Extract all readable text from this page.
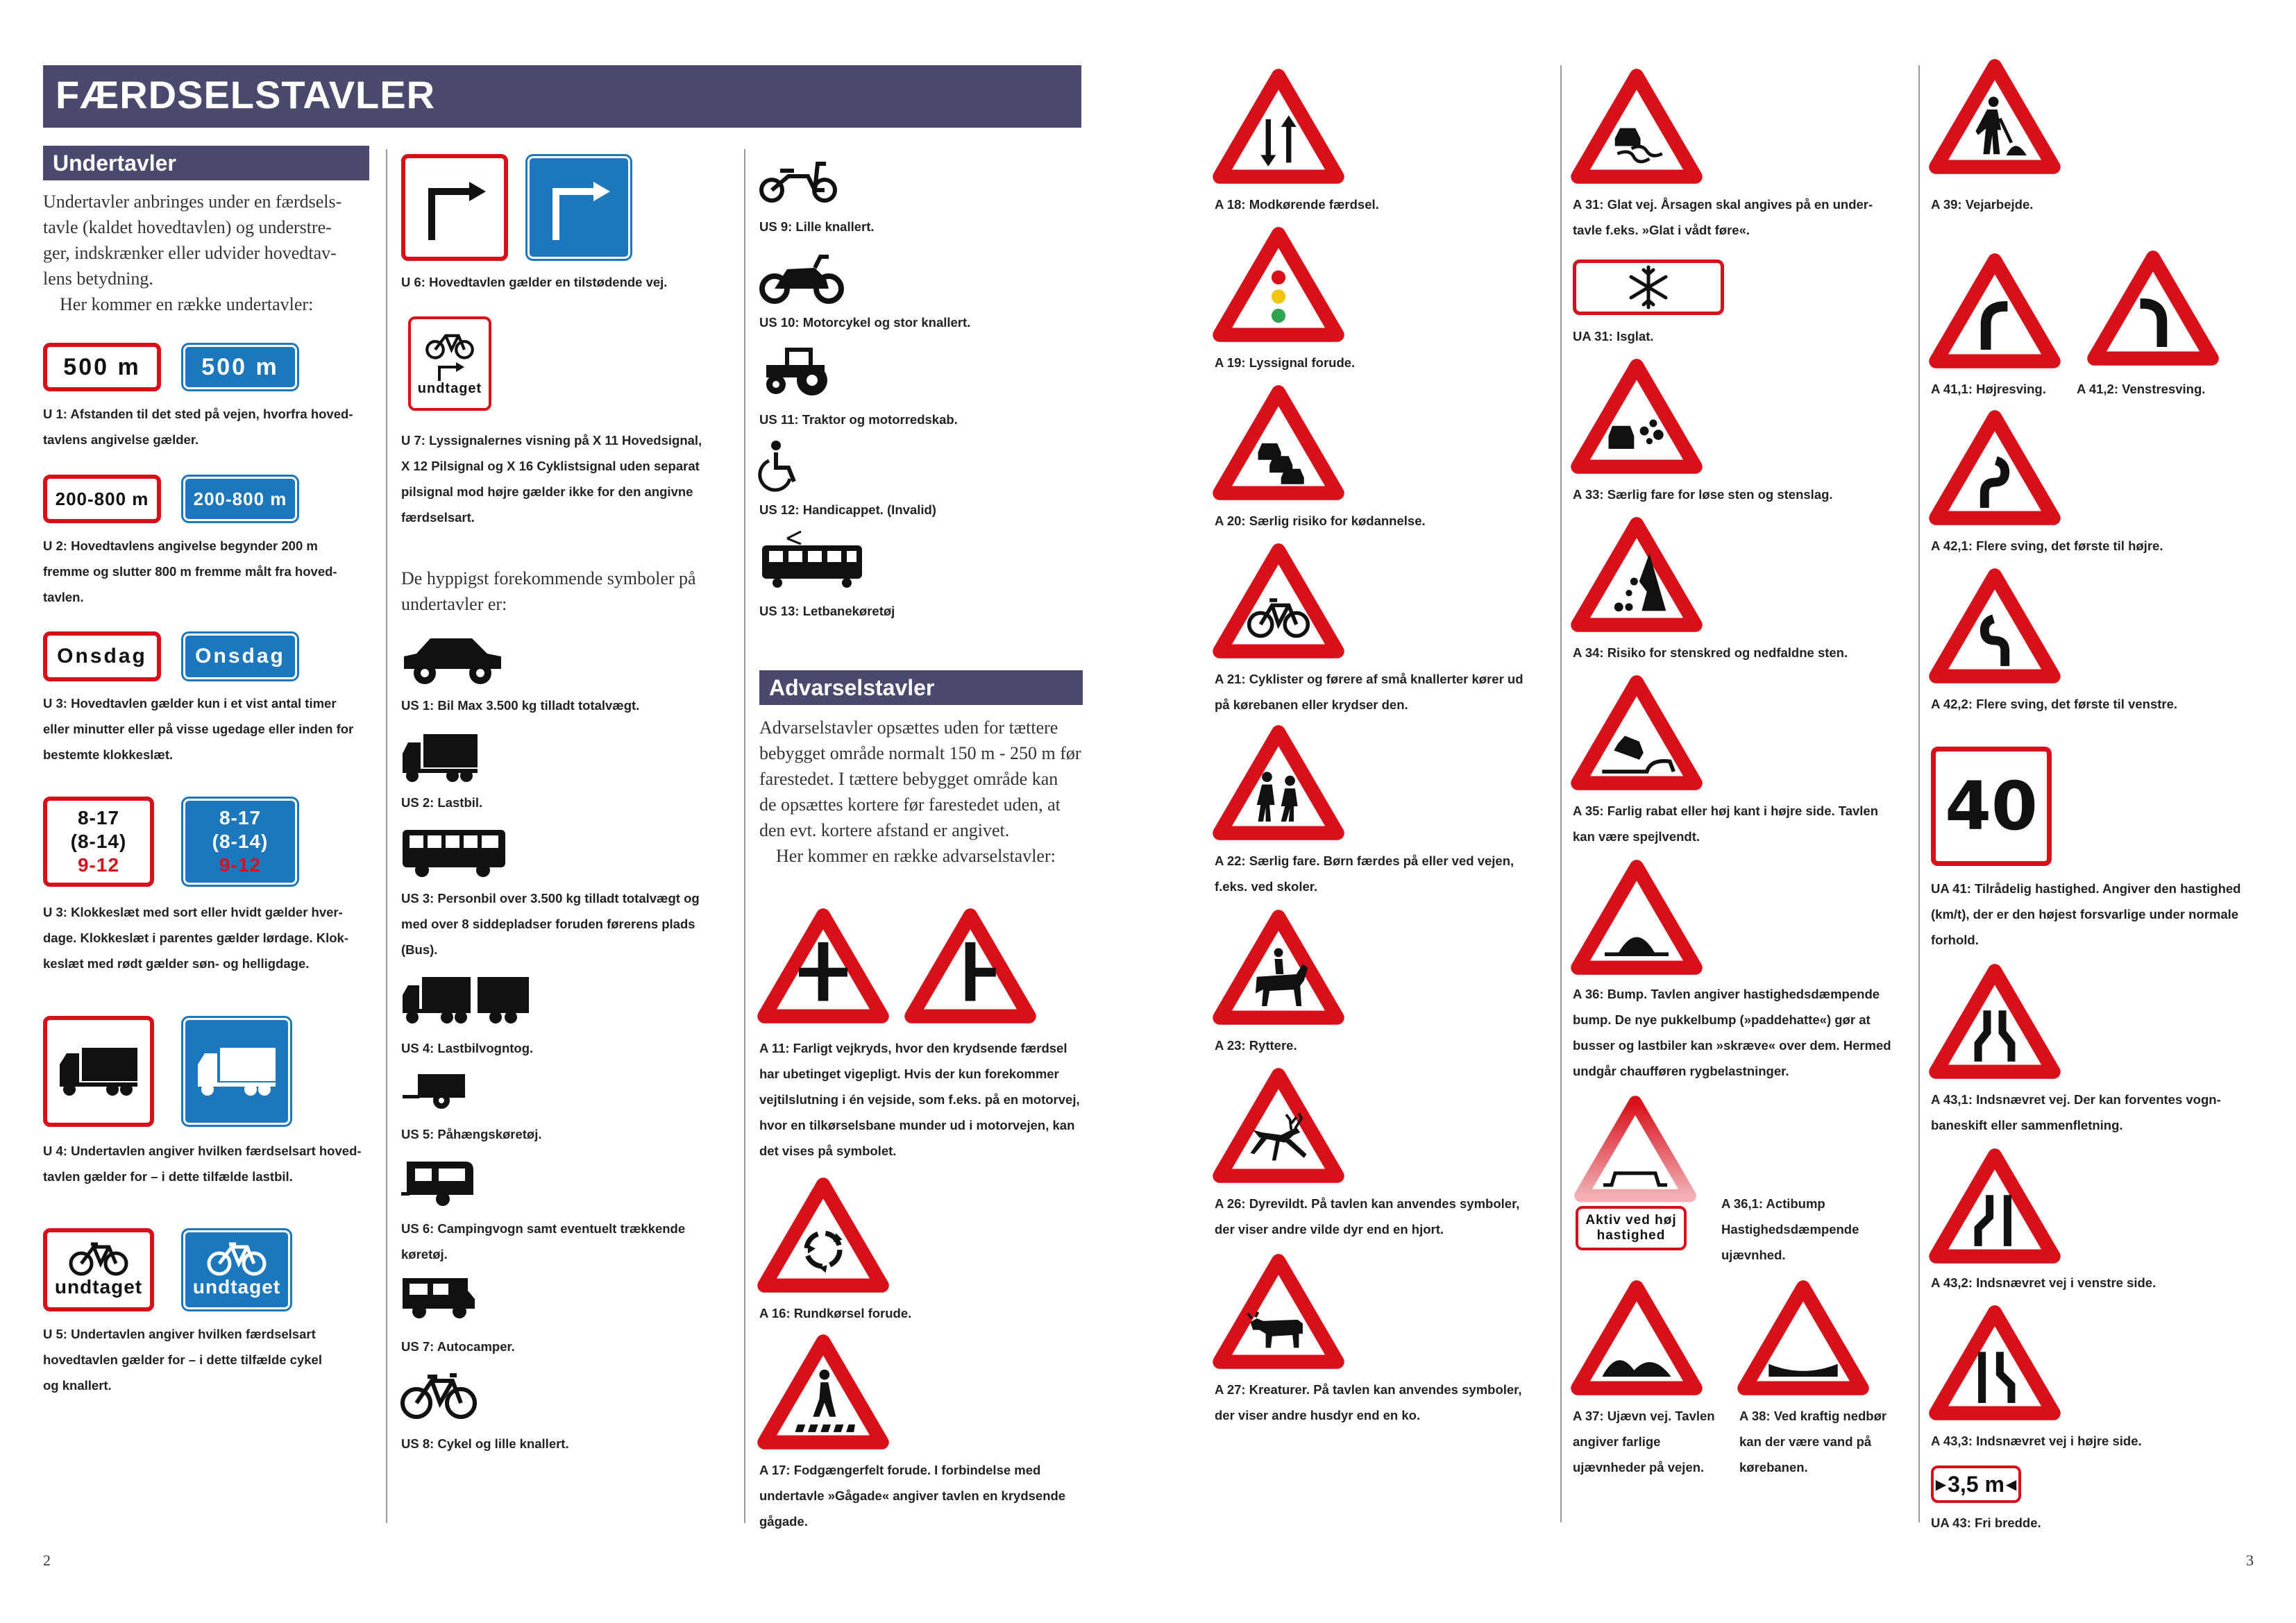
FÆRDSELSTAVLER
Undertavler
Undertavler anbringes under en færdsels-
tavle (kaldet hovedtavlen) og understre-
ger, indskrænker eller udvider hovedtav-
lens betydning.
Her kommer en række undertavler:
500 m	500 m
U 1: Afstanden til det sted på vejen, hvorfra hoved-
tavlens angivelse gælder.
200-800 m 200-800 m
U 2: Hovedtavlens angivelse begynder 200 m
fremme og slutter 800 m fremme målt fra hoved-
tavlen.
Onsdag Onsdag
U 3: Hovedtavlen gælder kun i et vist antal timer
eller minutter eller på visse ugedage eller inden for
bestemte klokkeslæt.
8-17
(8-14)
9-12
8-17
(8-14)
9-12
U 3: Klokkeslæt med sort eller hvidt gælder hver-
dage. Klokkeslæt i parentes gælder lørdage. Klok-
keslæt med rødt gælder søn- og helligdage.
U 4: Undertavlen angiver hvilken færdselsart hoved-
tavlen gælder for – i dette tilfælde lastbil.
undtaget	undtaget
U 5: Undertavlen angiver hvilken færdselsart
hovedtavlen gælder for – i dette tilfælde cykel
og knallert.
2
U 6: Hovedtavlen gælder en tilstødende vej.
undtaget
U 7: Lyssignalernes visning på X 11 Hovedsignal,
X 12 Pilsignal og X 16 Cyklistsignal uden separat
pilsignal mod højre gælder ikke for den angivne
færdselsart.
De hyppigst forekommende symboler på
undertavler er:
US 1: Bil Max 3.500 kg tilladt totalvægt.
US 2: Lastbil.
US 3: Personbil over 3.500 kg tilladt totalvægt og
med over 8 siddepladser foruden førerens plads
(Bus).
US 4: Lastbilvogntog.
US 5: Påhængskøretøj.
US 6: Campingvogn samt eventuelt trækkende
køretøj.
US 7: Autocamper.
US 8: Cykel og lille knallert.
US 9: Lille knallert.
US 10: Motorcykel og stor knallert.
US 11: Traktor og motorredskab.
US 12: Handicappet. (Invalid)
US 13: Letbanekøretøj
Advarselstavler
Advarselstavler opsættes uden for tættere
bebygget område normalt 150 m - 250 m før
farestedet. I tættere bebygget område kan
de opsættes kortere før farestedet uden, at
den evt. kortere afstand er angivet.
Her kommer en række advarselstavler:
A 11: Farligt vejkryds, hvor den krydsende færdsel
har ubetinget vigepligt. Hvis der kun forekommer
vejtilslutning i én vejside, som f.eks. på en motorvej,
hvor en tilkørselsbane munder ud i motorvejen, kan
det vises på symbolet.
A 16: Rundkørsel forude.
A 17: Fodgængerfelt forude. I forbindelse med
undertavle »Gågade« angiver tavlen en krydsende
gågade.
A 18: Modkørende færdsel.
A 19: Lyssignal forude.
A 20: Særlig risiko for kødannelse.
A 21: Cyklister og førere af små knallerter kører ud
på kørebanen eller krydser den.
A 22: Særlig fare. Børn færdes på eller ved vejen,
f.eks. ved skoler.
A 23: Ryttere.
A 26: Dyrevildt. På tavlen kan anvendes symboler,
der viser andre vilde dyr end en hjort.
A 27: Kreaturer. På tavlen kan anvendes symboler,
der viser andre husdyr end en ko.
A 31: Glat vej. Årsagen skal angives på en under-
tavle f.eks. »Glat i vådt føre«.
UA 31: Isglat.
A 33: Særlig fare for løse sten og stenslag.
A 34: Risiko for stenskred og nedfaldne sten.
A 35: Farlig rabat eller høj kant i højre side. Tavlen
kan være spejlvendt.
A 36: Bump. Tavlen angiver hastighedsdæmpende
bump. De nye pukkelbump (»paddehatte«) gør at
busser og lastbiler kan »skræve« over dem. Hermed
undgår chaufføren rygbelastninger.
Aktiv ved høj
hastighed
A 36,1: Actibump
Hastighedsdæmpende
ujævnhed.
A 37: Ujævn vej. Tavlen
angiver farlige
ujævnheder på vejen.
A 38: Ved kraftig nedbør
kan der være vand på
kørebanen.
A 39: Vejarbejde.
A 41,1: Højresving. A 41,2: Venstresving.
A 42,1: Flere sving, det første til højre.
A 42,2: Flere sving, det første til venstre.
40
UA 41: Tilrådelig hastighed. Angiver den hastighed
(km/t), der er den højest forsvarlige under normale
forhold.
A 43,1: Indsnævret vej. Der kan forventes vogn-
baneskift eller sammenfletning.
A 43,2: Indsnævret vej i venstre side.
A 43,3: Indsnævret vej i højre side.
▶ 3,5 m ◀
UA 43: Fri bredde.
3
